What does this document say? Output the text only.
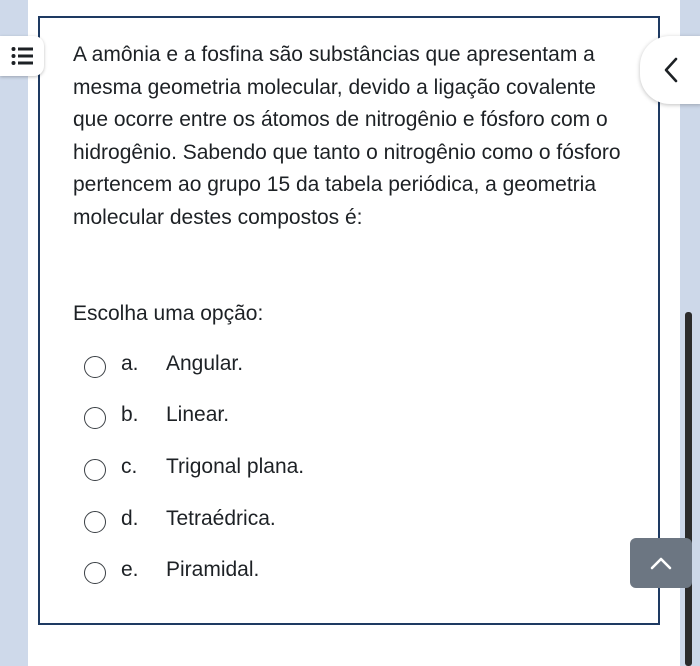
A amônia e a fosfina são substâncias que apresentam a mesma geometria molecular, devido a ligação covalente que ocorre entre os átomos de nitrogênio e fósforo com o hidrogênio. Sabendo que tanto o nitrogênio como o fósforo pertencem ao grupo 15 da tabela periódica, a geometria molecular destes compostos é:

Escolha uma opção:

a. Angular.
b. Linear.
c. Trigonal plana.
d. Tetraédrica.
e. Piramidal.
